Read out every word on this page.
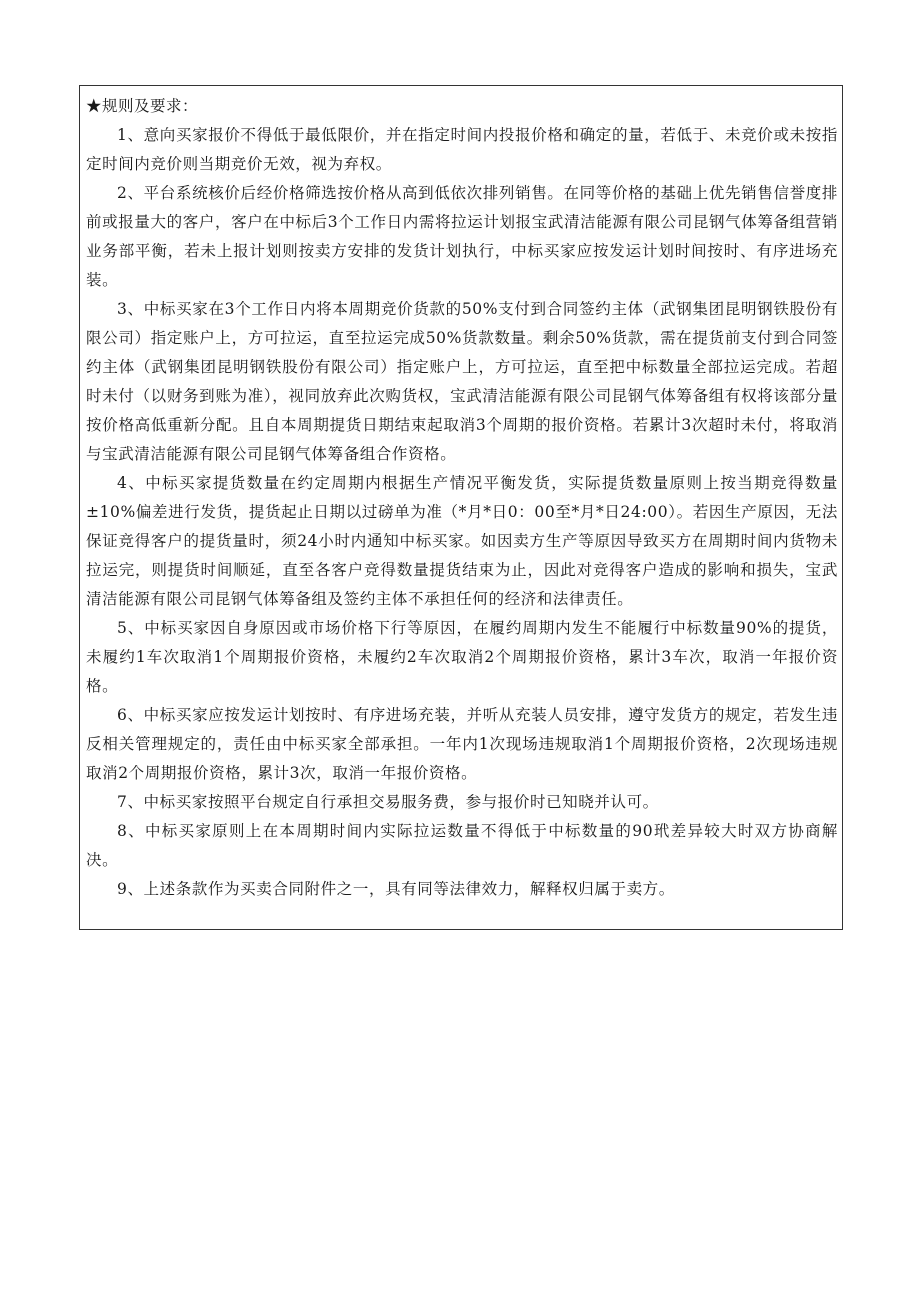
★规则及要求：

1、意向买家报价不得低于最低限价，并在指定时间内投报价格和确定的量，若低于、未竞价或未按指定时间内竞价则当期竞价无效，视为弃权。

2、平台系统核价后经价格筛选按价格从高到低依次排列销售。在同等价格的基础上优先销售信誉度排前或报量大的客户，客户在中标后3个工作日内需将拉运计划报宝武清洁能源有限公司昆钢气体筹备组营销业务部平衡，若未上报计划则按卖方安排的发货计划执行，中标买家应按发运计划时间按时、有序进场充装。

3、中标买家在3个工作日内将本周期竞价货款的50%支付到合同签约主体（武钢集团昆明钢铁股份有限公司）指定账户上，方可拉运，直至拉运完成50%货款数量。剩余50%货款，需在提货前支付到合同签约主体（武钢集团昆明钢铁股份有限公司）指定账户上，方可拉运，直至把中标数量全部拉运完成。若超时未付（以财务到账为准），视同放弃此次购货权，宝武清洁能源有限公司昆钢气体筹备组有权将该部分量按价格高低重新分配。且自本周期提货日期结束起取消3个周期的报价资格。若累计3次超时未付，将取消与宝武清洁能源有限公司昆钢气体筹备组合作资格。

4、中标买家提货数量在约定周期内根据生产情况平衡发货，实际提货数量原则上按当期竞得数量±10%偏差进行发货，提货起止日期以过磅单为准（*月*日0：00至*月*日24:00）。若因生产原因，无法保证竞得客户的提货量时，须24小时内通知中标买家。如因卖方生产等原因导致买方在周期时间内货物未拉运完，则提货时间顺延，直至各客户竞得数量提货结束为止，因此对竞得客户造成的影响和损失，宝武清洁能源有限公司昆钢气体筹备组及签约主体不承担任何的经济和法律责任。

5、中标买家因自身原因或市场价格下行等原因，在履约周期内发生不能履行中标数量90%的提货，未履约1车次取消1个周期报价资格，未履约2车次取消2个周期报价资格，累计3车次，取消一年报价资格。

6、中标买家应按发运计划按时、有序进场充装，并听从充装人员安排，遵守发货方的规定，若发生违反相关管理规定的，责任由中标买家全部承担。一年内1次现场违规取消1个周期报价资格，2次现场违规取消2个周期报价资格，累计3次，取消一年报价资格。

7、中标买家按照平台规定自行承担交易服务费，参与报价时已知晓并认可。

8、中标买家原则上在本周期时间内实际拉运数量不得低于中标数量的90玳差异较大时双方协商解决。

9、上述条款作为买卖合同附件之一，具有同等法律效力，解释权归属于卖方。
